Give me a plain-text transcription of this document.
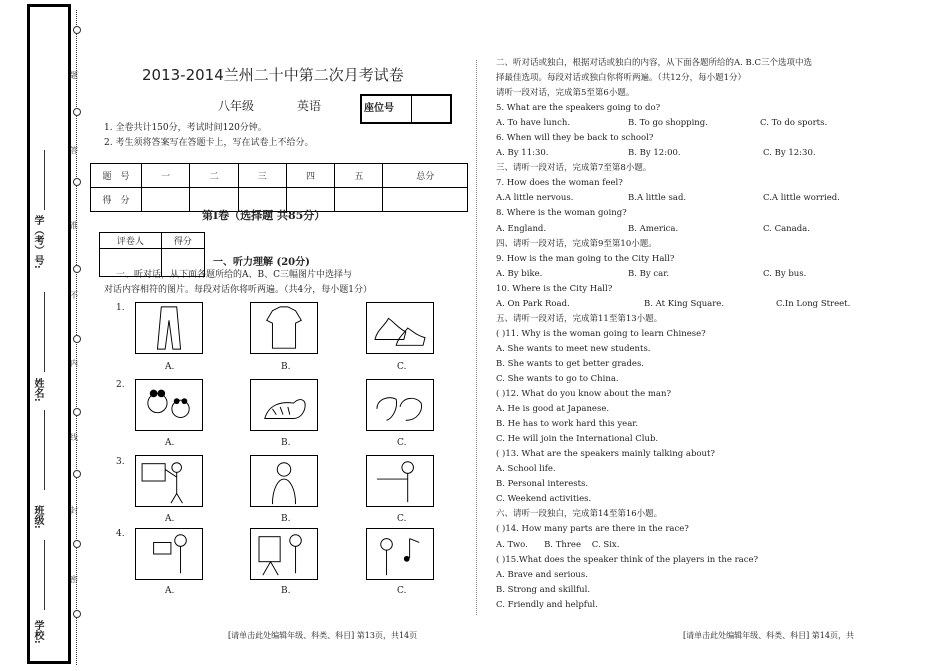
学（考）号:
姓名:
班级:
学校:
题
答
准
不
内
线
封
密
2013-2014兰州二十中第二次月考试卷
八年级	英语	座位号
1. 全卷共计150分，考试时间120分钟。
2. 考生须将答案写在答题卡上，写在试卷上不给分。
题　号	一	二	三	四	五	总分
得　分						
第Ⅰ卷（选择题 共85分）
评卷人	得分

一、听力理解 (20分)
一、听对话，从下面各题所给的A、B、C三幅图片中选择与
对话内容相符的图片。每段对话你将听两遍。（共4分，每小题1分）
1.
2.
3.
4.
A.	B.	C.
A.	B.	C.
A.	B.	C.
A.	B.	C.
二、听对话或独白，根据对话或独白的内容，从下面各题所给的A. B.C三个选项中选
择最佳选项。每段对话或独白你将听两遍。（共12分，每小题1分）
请听一段对话，完成第5至第6小题。
5. What are the speakers going to do?
A. To have lunch.	B. To go shopping.	C. To do sports.
6. When will they be back to school?
A. By 11:30.	B. By 12:00.	C. By 12:30.
三、请听一段对话，完成第7至第8小题。
7. How does the woman feel?
A.A little nervous.	B.A little sad.	C.A little worried.
8. Where is the woman going?
A. England.	B. America.	C. Canada.
四、请听一段对话，完成第9至第10小题。
9. How is the man going to the City Hall?
A. By bike.	B. By car.	C. By bus.
10. Where is the City Hall?
A. On Park Road.	B. At King Square.	C.In Long Street.
五、请听一段对话，完成第11至第13小题。
( )11. Why is the woman going to learn Chinese?
A. She wants to meet new students.
B. She wants to get better grades.
C. She wants to go to China.
( )12. What do you know about the man?
A. He is good at Japanese.
B. He has to work hard this year.
C. He will join the International Club.
( )13. What are the speakers mainly talking about?
A. School life.
B. Personal interests.
C. Weekend activities.
六、请听一段独白，完成第14至第16小题。
( )14. How many parts are there in the race?
A. Two.      B. Three    C. Six.
( )15.What does the speaker think of the players in the race?
A. Brave and serious.
B. Strong and skillful.
C. Friendly and helpful.
[请单击此处编辑年级、科类、科目] 第13页，共14页	[请单击此处编辑年级、科类、科目] 第14页，共
